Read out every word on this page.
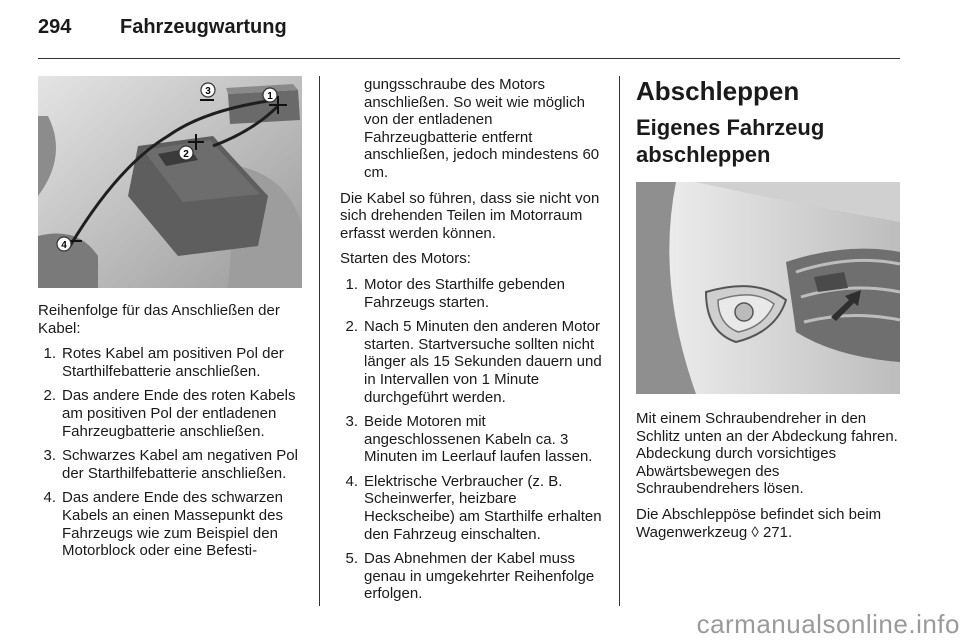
294	Fahrzeugwartung
3	1
2
4

Reihenfolge für das Anschließen der Kabel:

1. Rotes Kabel am positiven Pol der Starthilfebatterie anschließen.
2. Das andere Ende des roten Kabels am positiven Pol der entladenen Fahrzeugbatterie anschließen.
3. Schwarzes Kabel am negativen Pol der Starthilfebatterie anschließen.
4. Das andere Ende des schwarzen Kabels an einen Massepunkt des Fahrzeugs wie zum Beispiel den Motorblock oder eine Befesti-

gungsschraube des Motors anschließen. So weit wie möglich von der entladenen Fahrzeugbatterie entfernt anschließen, jedoch mindestens 60 cm.

Die Kabel so führen, dass sie nicht von sich drehenden Teilen im Motorraum erfasst werden können.

Starten des Motors:

1. Motor des Starthilfe gebenden Fahrzeugs starten.
2. Nach 5 Minuten den anderen Motor starten. Startversuche sollten nicht länger als 15 Sekunden dauern und in Intervallen von 1 Minute durchgeführt werden.
3. Beide Motoren mit angeschlossenen Kabeln ca. 3 Minuten im Leerlauf laufen lassen.
4. Elektrische Verbraucher (z. B. Scheinwerfer, heizbare Heckscheibe) am Starthilfe erhalten den Fahrzeug einschalten.
5. Das Abnehmen der Kabel muss genau in umgekehrter Reihenfolge erfolgen.
Abschleppen
Eigenes Fahrzeug abschleppen

Mit einem Schraubendreher in den Schlitz unten an der Abdeckung fahren. Abdeckung durch vorsichtiges Abwärtsbewegen des Schraubendrehers lösen.

Die Abschleppöse befindet sich beim Wagenwerkzeug ◊ 271.

carmanualsonline.info
